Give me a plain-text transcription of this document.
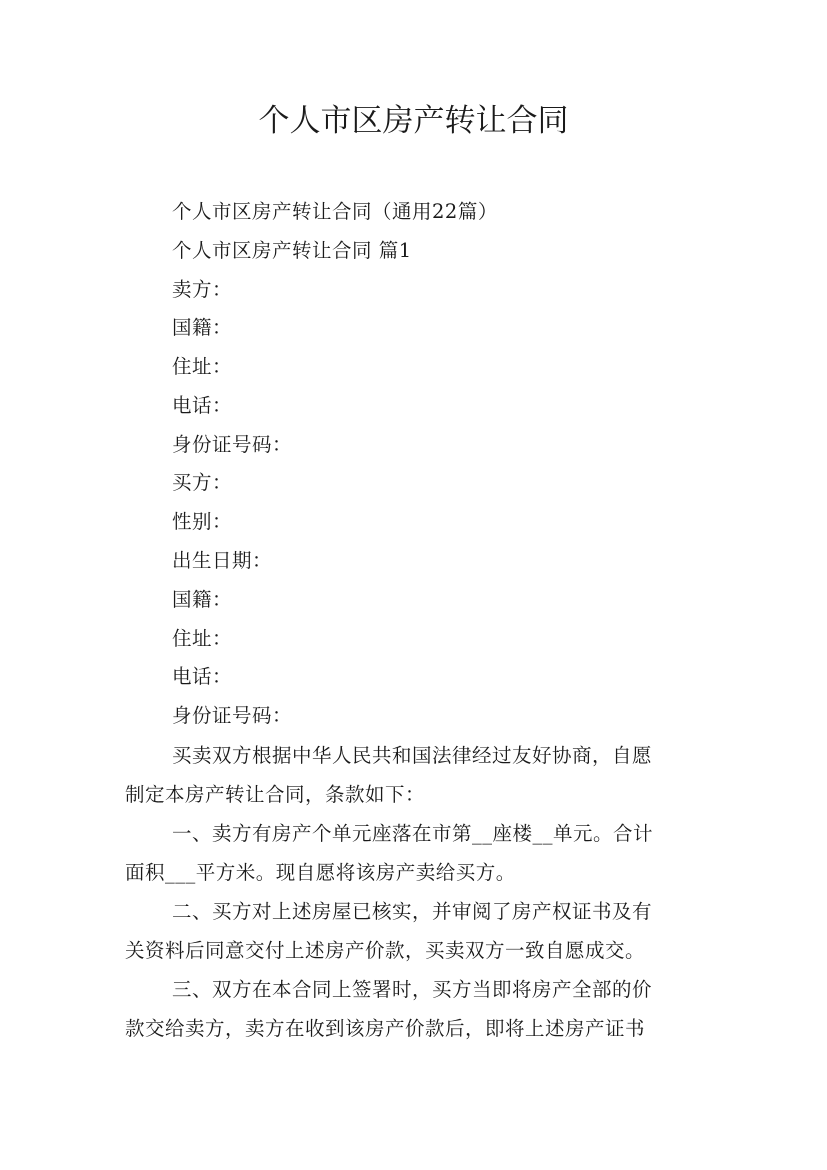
个人市区房产转让合同
个人市区房产转让合同（通用22篇）
个人市区房产转让合同 篇1
卖方：
国籍：
住址：
电话：
身份证号码：
买方：
性别：
出生日期：
国籍：
住址：
电话：
身份证号码：
买卖双方根据中华人民共和国法律经过友好协商，自愿
制定本房产转让合同，条款如下：
一、卖方有房产个单元座落在市第__座楼__单元。合计
面积___平方米。现自愿将该房产卖给买方。
二、买方对上述房屋已核实，并审阅了房产权证书及有
关资料后同意交付上述房产价款，买卖双方一致自愿成交。
三、双方在本合同上签署时，买方当即将房产全部的价
款交给卖方，卖方在收到该房产价款后，即将上述房产证书
